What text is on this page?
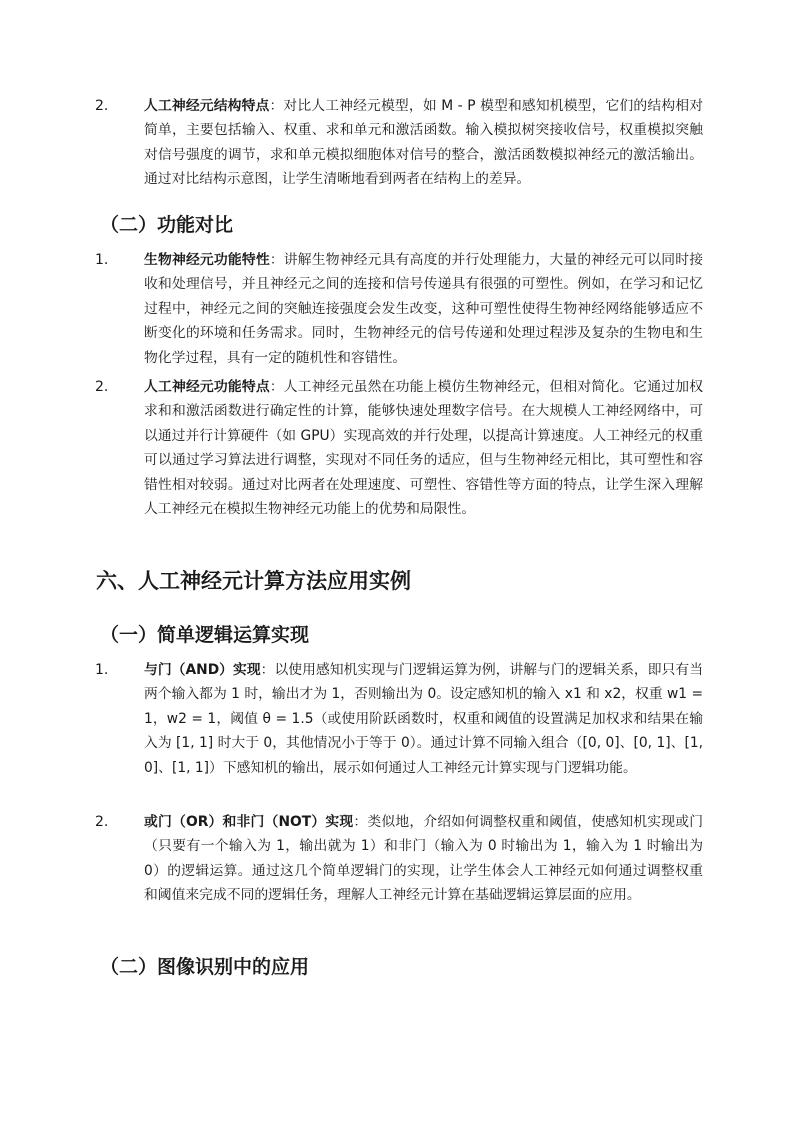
2.	人工神经元结构特点：对比人工神经元模型，如 M - P 模型和感知机模型，它们的结构相对简单，主要包括输入、权重、求和单元和激活函数。输入模拟树突接收信号，权重模拟突触对信号强度的调节，求和单元模拟细胞体对信号的整合，激活函数模拟神经元的激活输出。通过对比结构示意图，让学生清晰地看到两者在结构上的差异。
（二）功能对比
1.	生物神经元功能特性：讲解生物神经元具有高度的并行处理能力，大量的神经元可以同时接收和处理信号，并且神经元之间的连接和信号传递具有很强的可塑性。例如，在学习和记忆过程中，神经元之间的突触连接强度会发生改变，这种可塑性使得生物神经网络能够适应不断变化的环境和任务需求。同时，生物神经元的信号传递和处理过程涉及复杂的生物电和生物化学过程，具有一定的随机性和容错性。
2.	人工神经元功能特点：人工神经元虽然在功能上模仿生物神经元，但相对简化。它通过加权求和和激活函数进行确定性的计算，能够快速处理数字信号。在大规模人工神经网络中，可以通过并行计算硬件（如 GPU）实现高效的并行处理，以提高计算速度。人工神经元的权重可以通过学习算法进行调整，实现对不同任务的适应，但与生物神经元相比，其可塑性和容错性相对较弱。通过对比两者在处理速度、可塑性、容错性等方面的特点，让学生深入理解人工神经元在模拟生物神经元功能上的优势和局限性。
六、人工神经元计算方法应用实例
（一）简单逻辑运算实现
1.	与门（AND）实现：以使用感知机实现与门逻辑运算为例，讲解与门的逻辑关系，即只有当两个输入都为 1 时，输出才为 1，否则输出为 0。设定感知机的输入 x1 和 x2，权重 w1 = 1，w2 = 1，阈值 θ = 1.5（或使用阶跃函数时，权重和阈值的设置满足加权求和结果在输入为 [1, 1] 时大于 0，其他情况小于等于 0）。通过计算不同输入组合（[0, 0]、[0, 1]、[1, 0]、[1, 1]）下感知机的输出，展示如何通过人工神经元计算实现与门逻辑功能。
2.	或门（OR）和非门（NOT）实现：类似地，介绍如何调整权重和阈值，使感知机实现或门（只要有一个输入为 1，输出就为 1）和非门（输入为 0 时输出为 1，输入为 1 时输出为 0）的逻辑运算。通过这几个简单逻辑门的实现，让学生体会人工神经元如何通过调整权重和阈值来完成不同的逻辑任务，理解人工神经元计算在基础逻辑运算层面的应用。
（二）图像识别中的应用
